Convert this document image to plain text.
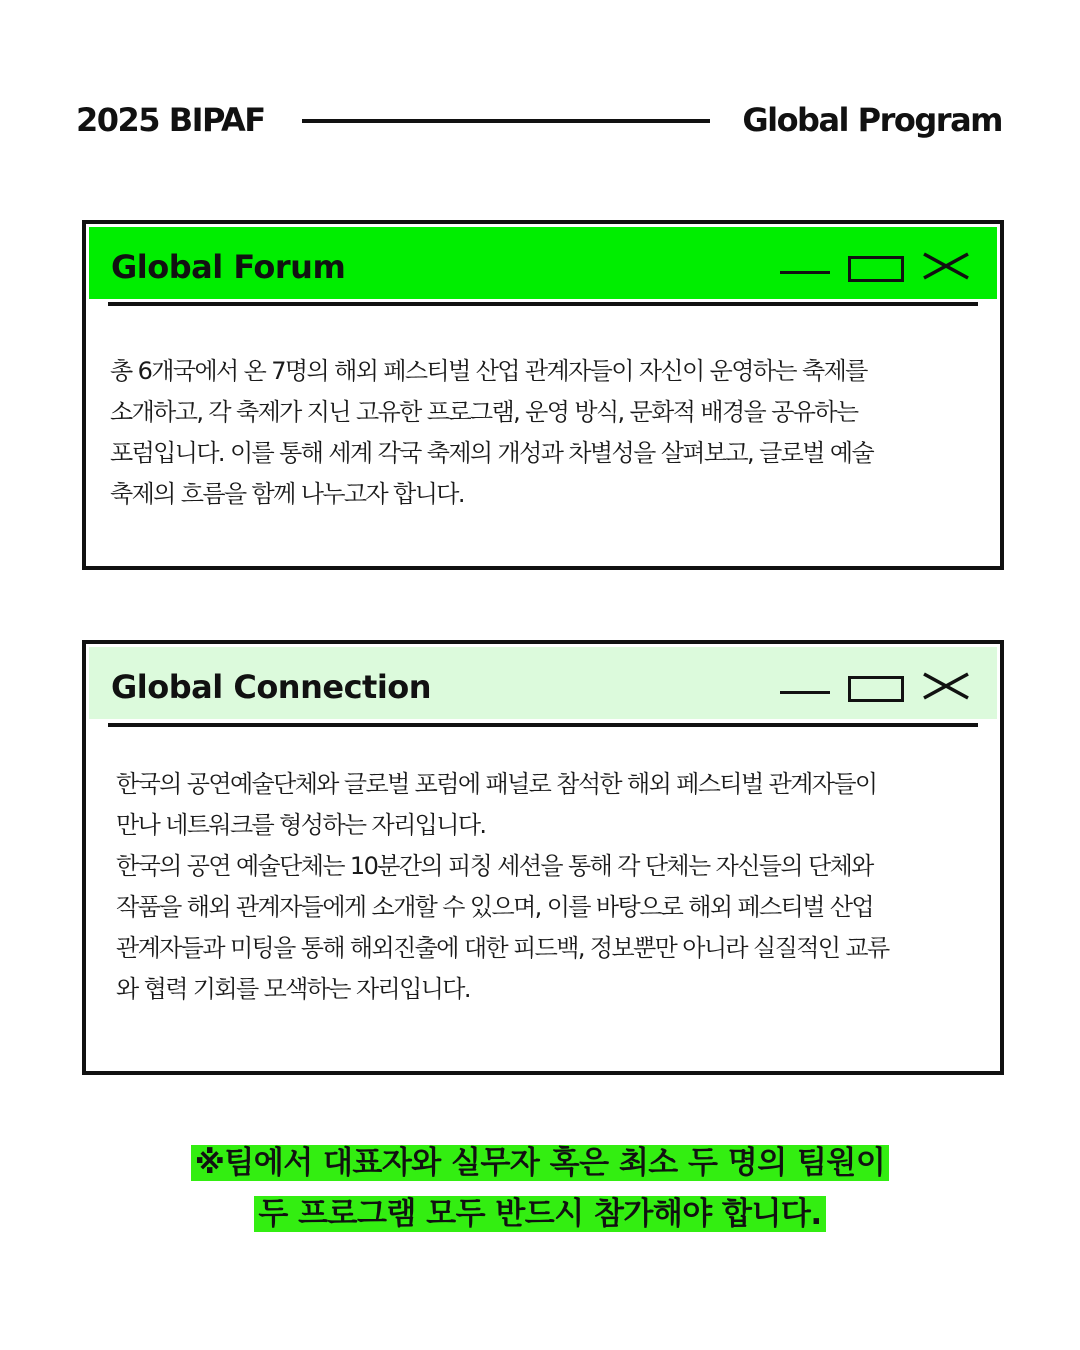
2025 BIPAF	Global Program
Global Forum
총 6개국에서 온 7명의 해외 페스티벌 산업 관계자들이 자신이 운영하는 축제를
소개하고, 각 축제가 지닌 고유한 프로그램, 운영 방식, 문화적 배경을 공유하는
포럼입니다. 이를 통해 세계 각국 축제의 개성과 차별성을 살펴보고, 글로벌 예술
축제의 흐름을 함께 나누고자 합니다.
Global Connection
한국의 공연예술단체와 글로벌 포럼에 패널로 참석한 해외 페스티벌 관계자들이
만나 네트워크를 형성하는 자리입니다.
한국의 공연 예술단체는 10분간의 피칭 세션을 통해 각 단체는 자신들의 단체와
작품을 해외 관계자들에게 소개할 수 있으며, 이를 바탕으로 해외 페스티벌 산업
관계자들과 미팅을 통해 해외진출에 대한 피드백, 정보뿐만 아니라 실질적인 교류
와 협력 기회를 모색하는 자리입니다.
※팀에서 대표자와 실무자 혹은 최소 두 명의 팀원이
두 프로그램 모두 반드시 참가해야 합니다.
